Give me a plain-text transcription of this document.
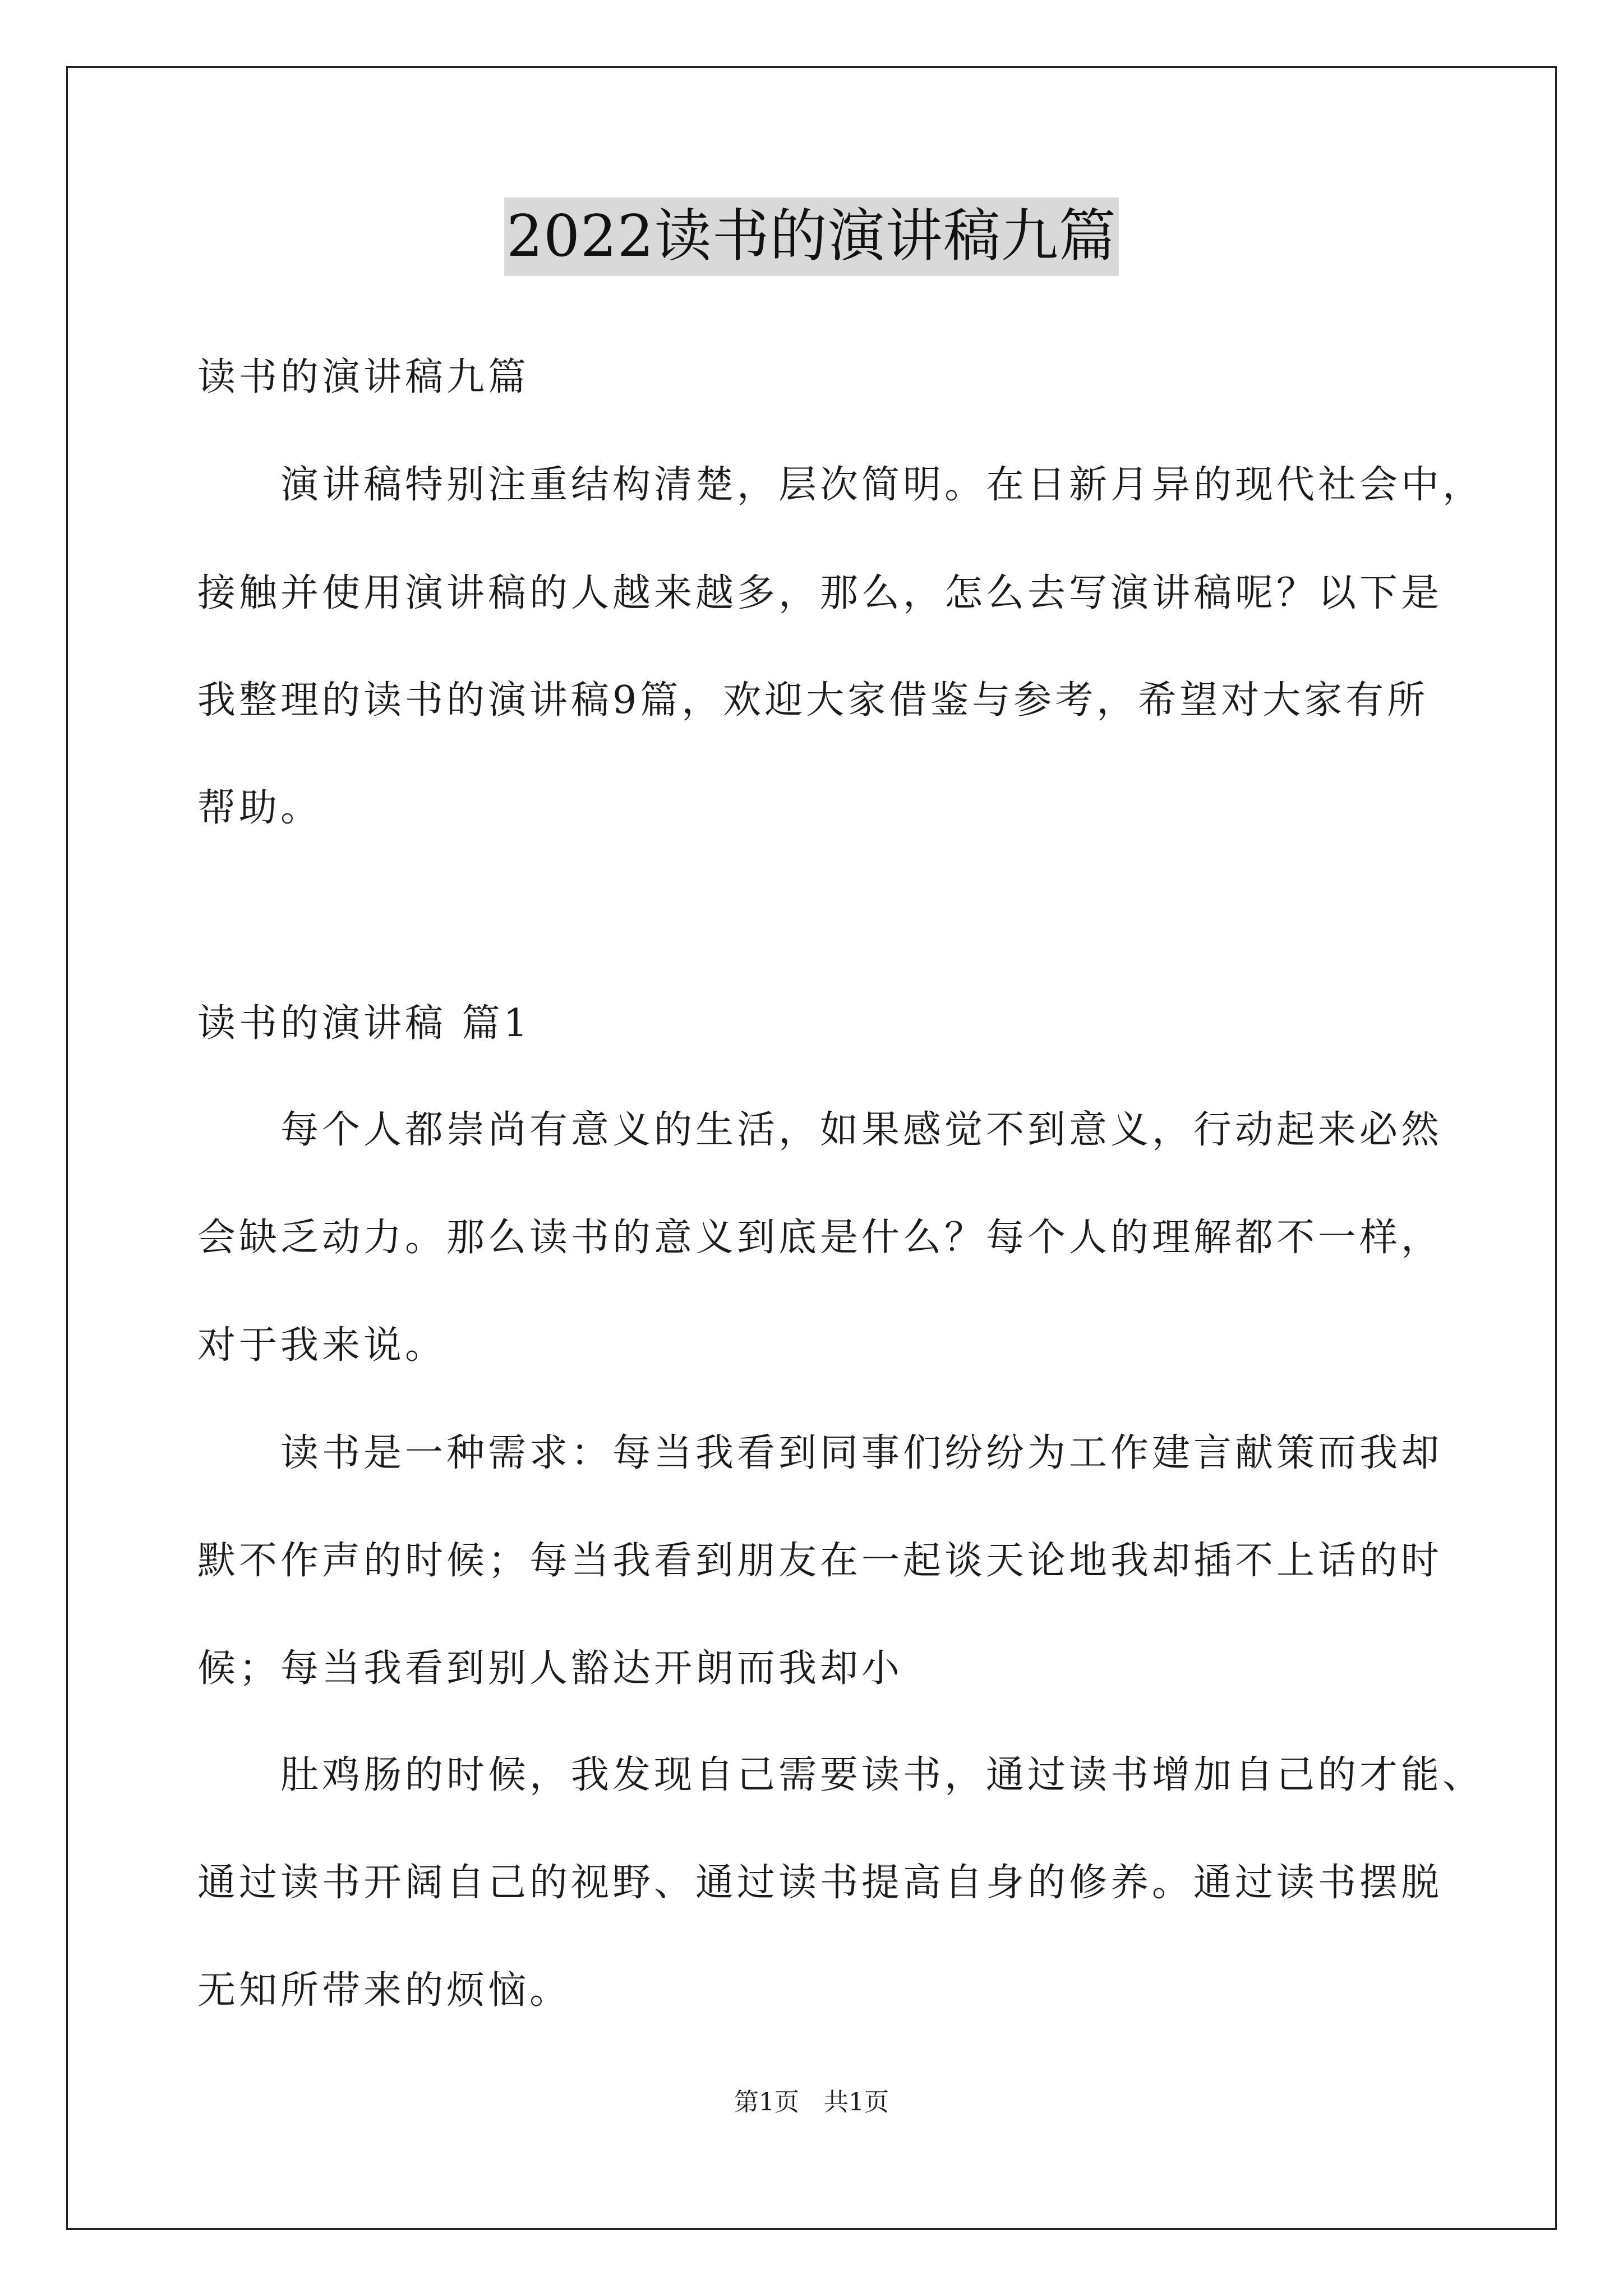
2022读书的演讲稿九篇
读书的演讲稿九篇
演讲稿特别注重结构清楚，层次简明。在日新月异的现代社会中，
接触并使用演讲稿的人越来越多，那么，怎么去写演讲稿呢？以下是
我整理的读书的演讲稿9篇，欢迎大家借鉴与参考，希望对大家有所
帮助。
读书的演讲稿 篇1
每个人都崇尚有意义的生活，如果感觉不到意义，行动起来必然
会缺乏动力。那么读书的意义到底是什么？每个人的理解都不一样，
对于我来说。
读书是一种需求：每当我看到同事们纷纷为工作建言献策而我却
默不作声的时候；每当我看到朋友在一起谈天论地我却插不上话的时
候；每当我看到别人豁达开朗而我却小
肚鸡肠的时候，我发现自己需要读书，通过读书增加自己的才能、
通过读书开阔自己的视野、通过读书提高自身的修养。通过读书摆脱
无知所带来的烦恼。
第1页 共1页
